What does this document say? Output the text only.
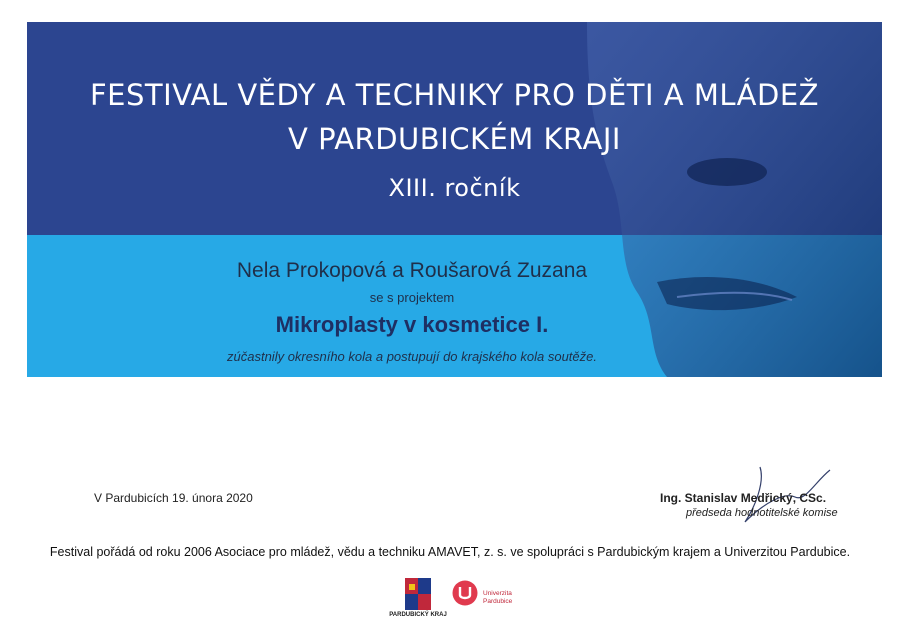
FESTIVAL VĚDY A TECHNIKY PRO DĚTI A MLÁDEŽ
V PARDUBICKÉM KRAJI
XIII. ročník
Nela Prokopová a Roušarová Zuzana
se s projektem
Mikroplasty v kosmetice I.
zúčastnily okresního kola a postupují do krajského kola soutěže.
V Pardubicích 19. února 2020	Ing. Stanislav Medřický, CSc.
předseda hodnotitelské komise
Festival pořádá od roku 2006 Asociace pro mládež, vědu a techniku AMAVET, z. s. ve spolupráci s Pardubickým krajem a Univerzitou Pardubice.
PARDUBICKÝ KRAJ
Univerzita
Pardubice
